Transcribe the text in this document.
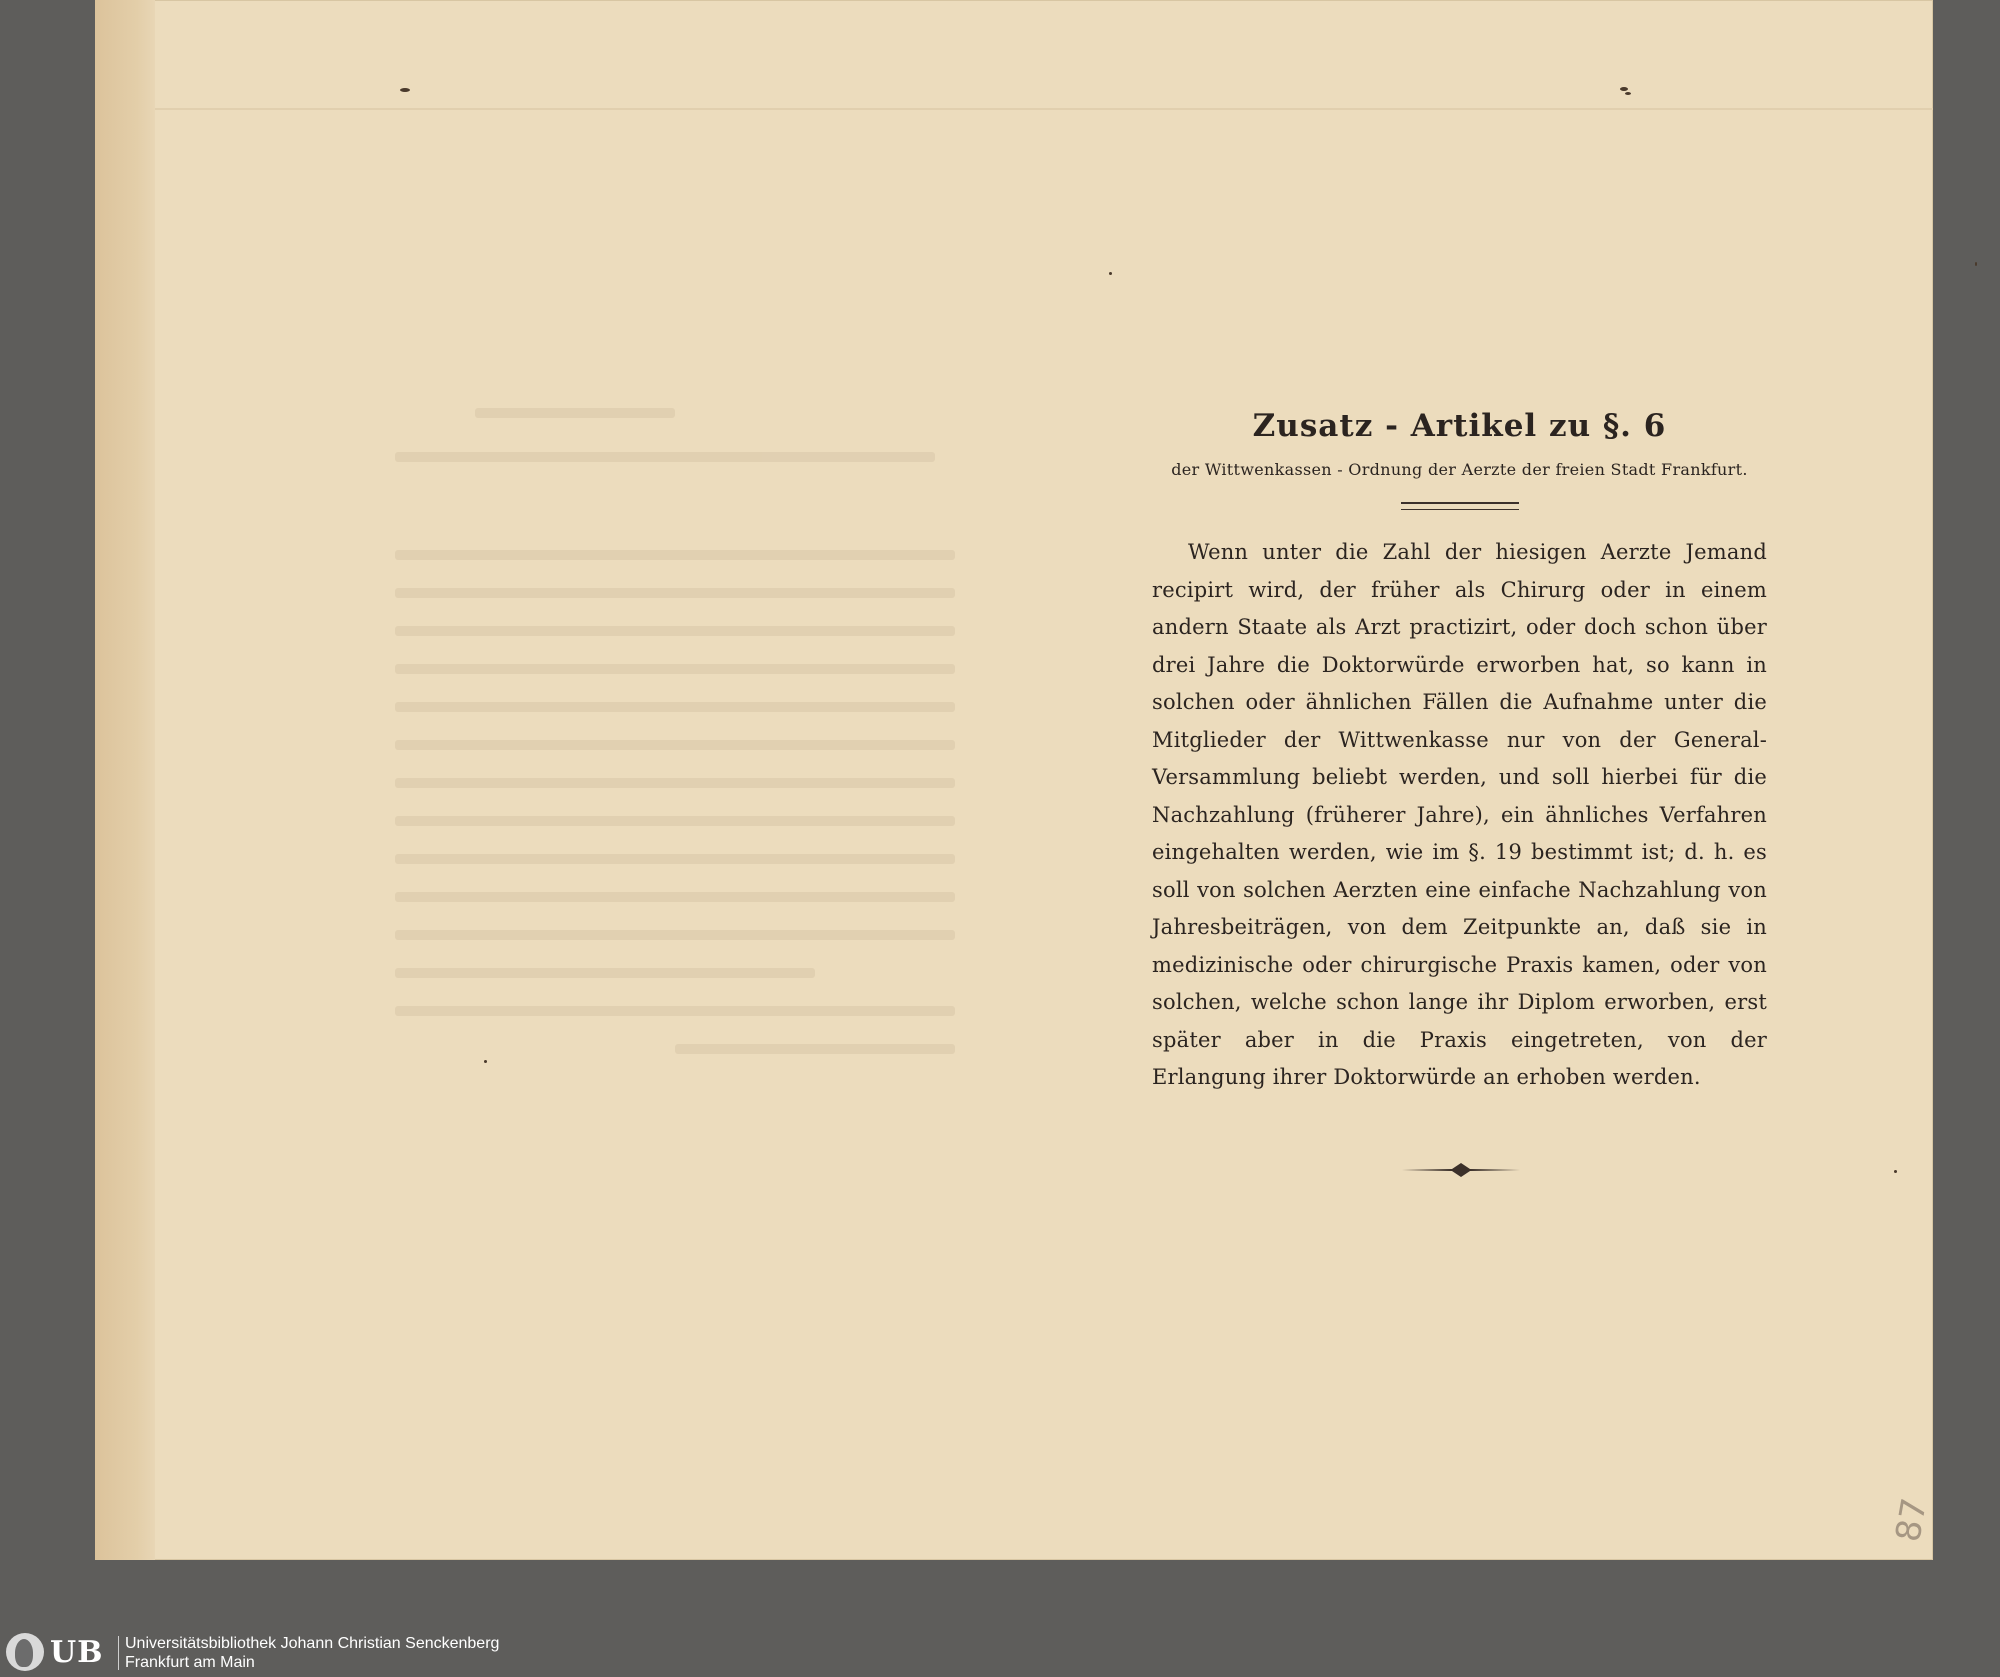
Zusatz - Artikel zu §. 6

der Wittwenkassen - Ordnung der Aerzte der freien Stadt Frankfurt.

Wenn unter die Zahl der hiesigen Aerzte Jemand recipirt wird, der früher als Chirurg oder in einem andern Staate als Arzt practizirt, oder doch schon über drei Jahre die Doktorwürde erworben hat, so kann in solchen oder ähnlichen Fällen die Aufnahme unter die Mitglieder der Wittwenkasse nur von der General-Versammlung beliebt werden, und soll hierbei für die Nachzahlung (früherer Jahre), ein ähnliches Verfahren eingehalten werden, wie im §. 19 bestimmt ist; d. h. es soll von solchen Aerzten eine einfache Nachzahlung von Jahresbeiträgen, von dem Zeitpunkte an, daß sie in medizinische oder chirurgische Praxis kamen, oder von solchen, welche schon lange ihr Diplom erworben, erst später aber in die Praxis eingetreten, von der Erlangung ihrer Doktorwürde an erhoben werden.

87
UB Universitätsbibliothek Johann Christian Senckenberg
Frankfurt am Main
